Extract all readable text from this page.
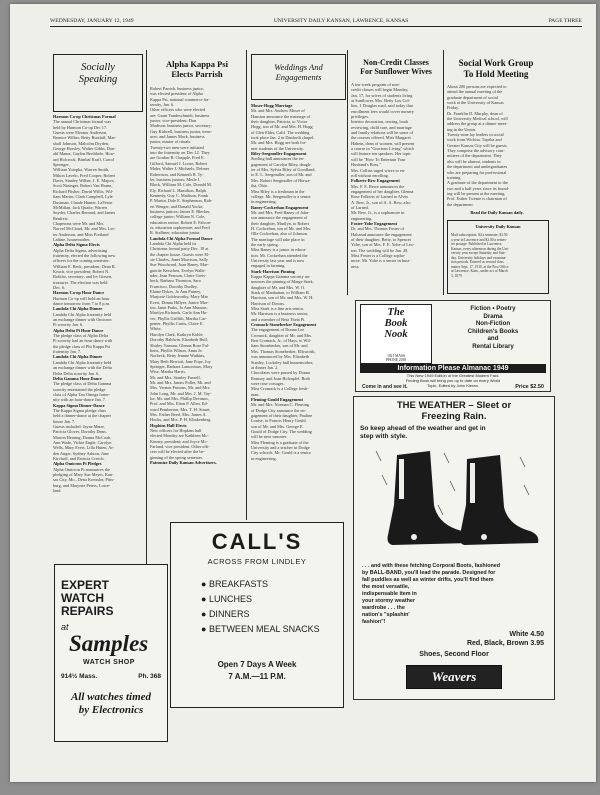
WEDNESDAY, JANUARY 12, 1949	UNIVERSITY DAILY KANSAN, LAWRENCE, KANSAS	PAGE THREE
Socially
Speaking
Harmon Co-op Christmas Formal
The annual Christmas formal was
held by Harmon Co-op Dec 17.
Guests were Eleanor Anderson,
Bernice Wilber, Betty Rutzlaff, Mar-
shall Johnson, Malcolm Dryden,
George Horsley, Walter Gibbs, Don-
ald Manor, Gaylen Berthhole, How-
ard Holcrock, Birnbal Kraff, Carrol
Spronger,
William Yotopka, Warren Smith,
Milton Lavelo, Fred Cooper, Robert
Davis, Stanley Wilber, J. E. Majors,
Scott Nininger, Robert Van Horne,
Richard Flisher, David Willis, Wil-
liam Martin, Clark Campbell, Lyle
Dustman, Claude Hunter, LaVerne
McMillan, Jack Quatte, Warren
Snyder, Charles Bernard, and James
Renfrew.
Chaperons were Mr. and Mrs.
Norvel McCloud, Mr. and Mrs. Les-
ter Anderson, and Miss Portland
Laltine, housemother.
Alpha Delta Sigma Elects
Alpha Delta Sigma, advertising
fraternity, elected the following new
officers for the coming semester:
William E. Beck, president; Dean R.
Keach, vice president; Robert N.
Bolitho, secretary; and Irv Giesen,
treasurer. The election was held
Dec. 6.
Harmon Co-op Hour Dance
Harmon Co-op will hold an hour
dance tomorrow from 7 to 8 p.m.
Lambda Chi Alpha Dinner
Lambda Chi Alpha fraternity held
an exchange dinner with Omicron
Pi sorority Jan. 6.
Alpha Delta Pi Hour Dance
The pledge class of Alpha Delta
Pi sorority had an hour dance with
the pledge class of Phi Kappa Psi
fraternity Jan. 7.
Lambda Chi Alpha Dinner
Lambda Chi Alpha fraternity held
an exchange dinner with the Delta
Delta Delta sorority Jan. 6.
Delta Gamma Hour Dance
The pledge class of Delta Gamma
sorority entertained the pledge
class of Alpha Tau Omega frater-
nity with an hour-dance Jan. 7.
Kappa Sigma Dinner-Dance
The Kappa Sigma pledge class
held a dinner-dance at the chapter
house Jan. 7.
Guests included: Jayne Mater,
Patricia Glover, Dorothy Dean,
Marion Hearing, Donna McCoah,
Ann Wade, Vickie Engle, Carolyn
Wells, Mary Evert, Lilla Huten, Ar-
den Anger, Sydney Ashton, June
Kirchoff, and Patricia Creech.
Alpha Omicron Pi Pledges
Alpha Omicron Pi announces the
pledging of Mary Sue Meyer, Kan-
sas City, Mo., Dena Kreissler, Pitts-
burg, and Marjorie Peters, Lowe-
land.
Alpha Kappa Psi
Elects Parrish
Robert Parrish, business junior,
was elected president of Alpha
Kappa Psi, national commerce fra-
ternity, Jan. 6.
Other officers who were elected
are: Grant Vandeschmidt, business
junior, vice-president; Don
Madison, business junior, secretary;
Guy Kidwell, business junior, treas-
urer; and James Mack, business
junior, master of rituals.
Twenty-two men were initiated
into the fraternity on Dec 12. They
are Gordon B. Chapple, Fred E.
Gifford, Samuel J. Loose, Robert
Maler, Walter J. Michaels, Delmer
Robertson, and Kenneth B. Ty-
ler, business juniors; Merle J.
Black, William M. Cole, Donald M.
Ely, Richard L. Hamilton, Ralph
Kennedy, Guy C. Madison, Frank
P. Martin, Dale E. Stephenson, Rob-
ert Wenger, and Donald Yocke,
business juniors; James E. Blecker,
college junior; William N. Cole,
education senior; Robert E. Falcon-
er, education sophomore; and Fred
R. Stallmer, education junior.
Lambda Chi Alpha Formal Dance
Lambda Chi Alpha held its
Christmas formal party Dec. 18 at
the chapter house. Guests were El-
sie Charles, Janet Morrison, Sally
Sue Woodward, Joan Raney, Mar-
guerite Kerschen, Evelyn Walle-
nder, Jean Pearson, Claire Greis-
beck, Barbara Thornton, Sara
Francisco, Dorothy Dudley,
Elaine Dykes, Jo Ann Putney,
Marjorie Goldsworthy, Mary Mar
Evert, Donna Hillyer, Janice Mor-
ton, Janet Parks, Jo Ann Munson,
Marilyn Richards, Carla Ann Ha-
ver, Phyllis Griffith, Martha Car-
penter, Phyllis Curtis, Claire E.
White,
Harolyn Clark, Kathryn Kohle,
Dorothy Baldwin, Elizabeth Bull,
Shirley Varnum, Glenna Rose Fal-
berts, Phyllis Wilson, Anna Jo
Norbeck, Betty Jeanne Watkins,
Mary Beth Herriott, Jane Pope, Joy
Springer, Barbara Lamoreaux, Mary
Wise, Martha Harris.
Mr. and Mrs. Stanley Fussell,
Mr. and Mrs. James Poller, Mr. and
Mrs. Vernon Parsons, Mr. and Mrs.
John Long, Mr. and Mrs. J. M. Tay-
lor, Mr. and Mrs. Phillip Devanos,
Prof. and Mrs. Elton P. Allen, Ed-
ward Pemberton, Mrs. T. H. Stuart,
Mrs. Esther Reed, Mrs. James A.
Hooks, and Mrs. P. H. Klinkenberg.
Hopkins Hall Elects
New officers for Hopkins hall
elected Monday are Kathleen Mc-
Kinney, president; and Joyce Mc-
Farland, vice president. Other offi-
cers will be elected after the be-
ginning of the spring semester.
Patronize Daily Kansan Advertisers.
Weddings And
Engagements
Moser-Hogg Marriage
Mr. and Mrs. Andrew Moser of
Hanston announce the marriage of
their daughter, Patricia, to Victor
Hogg, son of Mr. and Mrs. H. Hogg
of Glen Elder, Calif. The wedding
took place Jan. 2 in Danforth chapel.
Mr. and Mrs. Hogg are both for-
mer students of the University.
Riley-Seegmuller Engagement
Sterling hall announces the en-
gagement of Carolyn Riley, daugh-
ter of Mrs. Sylvia Riley of Goodland,
to E. L. Seegmuller, son of Mr. and
Mrs. Robert Seegmuller of Hiawa-
tha, Ohio.
Miss Riley is a freshman in the
college. Mr. Seegmuller is a senior
in engineering.
Raney-Cockrehan Engagement
Mr. and Mrs. Fred Raney of John-
son announce the engagement of
their daughter, Marilyn, to Robert
H. Cockrehan, son of Mr. and Mrs.
Olle Cockrehan, also of Johnson.
The marriage will take place in
the early spring.
Miss Raney is a junior in educa-
tion. Mr. Cockrehan attended the
University last year and is now
engaged in farming.
Stark-Harrison Pinning
Kappa Kappa Gamma sorority an-
nounces the pinning of Marge Stark,
daughter of Mr. and Mrs. W. O.
Stark of Manhattan, to William H.
Harrison, son of Mr. and Mrs. W. H.
Harrison of Downs.
Miss Stark is a fine arts senior.
Mr. Harrison is a business senior,
and a member of Beta Theta Pi.
Cromack-Stoneberker Engagement
The engagement of Donna Lee
Cromack, daughter of Mr. and Mrs.
Bert Cromack, Jr., of Hays, to Wil-
liam Stoneberker, son of Mr. and
Mrs. Thomas Stoneberker, Ellsworth,
was announced by Mrs. Elizabeth
Stanley, Locksley hall housemother,
at dinner Jan. 2.
Chocolates were passed by Donna
Romsey and Joan Holzapfel. Both
were rose corsages.
Miss Cromack is a College fresh-
man.
Fleming-Gould Engagement
Mr. and Mrs. Norman C. Fleming
of Dodge City announce the en-
gagement of their daughter, Pauline
Louise, to Francis Henry Gould,
son of Mr. and Mrs. George E.
Gould of Dodge City. The wedding
will be next summer.
Miss Fleming is a graduate of the
University and a teacher in Dodge
City schools. Mr. Gould is a senior
in engineering.
Non-Credit Classes
For Sunflower Wives
A ten-week program of non-
credit classes will begin Monday,
Jan. 17, for wives of students living
at Sunflower, Mrs. Betty Lou Col-
lins, 1 Douglas road, said today that
enrollment fees would cover nursery
privileges.
Interior decoration, sewing, book
reviewing, child care, and marriage
and family relations will be some of
the courses offered. Miss Margaret
Habein, dean of women, will present
a course in "Gracious Living" which
will feature ten speakers. Her topic
will be "How To Entertain Your
Husband's Boss."
Mrs. Collins urged wives to en-
roll without enrolling.
Folkerts-Rew Engagement
Mrs. F. E. Rewe announces the
engagement of her daughter, Glenna
Rose Folkerts of Larned to Alvin
A. Rew, Jr., son of A. A. Rew, also
of Larned.
Mr. Rew, Jr., is a sophomore in
engineering.
Foster-Yohe Engagement
Dr. and Mrs. Thomas Foster of
Halstead announce the engagement
of their daughter, Betty, to Spencer
Yohe, son of Mrs. F. E. Yohe of Lex-
ton. The wedding will be Jan. 28.
Miss Foster is a College sopho-
more. Mr. Yohe is a senior in busi-
ness.
Social Work Group
To Hold Meeting
About 200 persons are expected to
attend the annual meeting of the
graduate department of social
work at the University of Kansas
Friday.
Dr. Franklin D. Murphy, dean of
the University Medical school, will
address the group at a dinner meet-
ing in the Union.
Twenty-nine lay leaders in social
work from Wichita, Topeka and
Greater Kansas City will be guests.
They comprise the advisory com-
mittees of the department. They
also will be alumni, students in
the department and undergraduates
who are preparing for professional
training.
A graduate of the department in the
two and a half years since its found-
ing will be present at the meeting,
Prof. Esther Twente is chairman of
the department.
Read the Daily Kansan daily.
University Daily Kansan
Mail subscription: $4 a semester, $3.50
a year in Lawrence and $2.00 a semes-
ter postage. Published in Lawrence,
Kansas, every afternoon during the Uni-
versity year except Saturday and Sun-
day. University holidays and examina-
tion periods. Entered as second class
matter Sept. 17, 1910, at the Post Office
at Lawrence, Kans., under act of March
3, 1879.
The
Book
Nook
1021 MASS
PHONE 2188
Fiction • Poetry
Drama
Non-Fiction
Children's Books
and
Rental Library
Information Please Almanac 1949
This New 1949 Edition of the Greatest Modern Fact-
Finding Book will bring you up to date on every World
Topic. Edited by John Kieran.
Come in and see it.	Price $2.50
THE WEATHER – Sleet or
Freezing Rain.
So keep ahead of the weather and get in
step with style.
. . . and with these fetching Corporal Boots, fashioned
by BALL-BAND, you'll lead the parade. Designed for
fall puddles as well as winter drifts, you'll find them
the most versatile,
indispensable item in
your stormy weather
wardrobe . . . the
nation's "splashin'
fashion"!
White 4.50
Red, Black, Brown 3.95
Shoes, Second Floor
Weavers
CALL'S
ACROSS FROM LINDLEY
● BREAKFASTS
● LUNCHES
● DINNERS
● BETWEEN MEAL SNACKS
Open 7 Days A Week
7 A.M.—11 P.M.
EXPERT
WATCH
REPAIRS
at
Samples
WATCH SHOP
914½ Mass.	Ph. 368
All watches timed
by Electronics
